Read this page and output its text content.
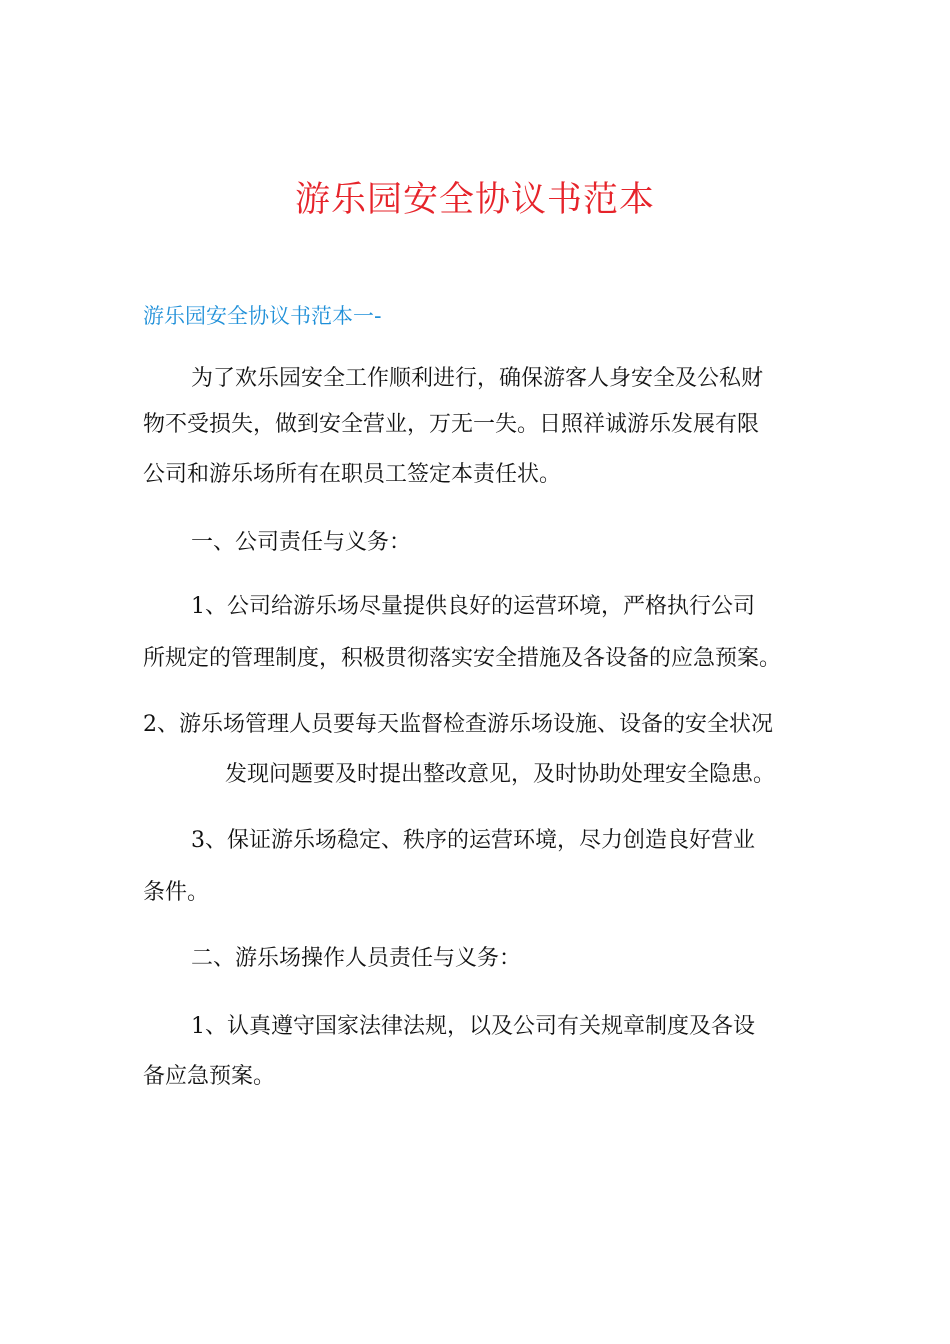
游乐园安全协议书范本
游乐园安全协议书范本一-

为了欢乐园安全工作顺利进行，确保游客人身安全及公私财

物不受损失，做到安全营业，万无一失。日照祥诚游乐发展有限

公司和游乐场所有在职员工签定本责任状。

一、公司责任与义务：

1、公司给游乐场尽量提供良好的运营环境，严格执行公司

所规定的管理制度，积极贯彻落实安全措施及各设备的应急预案。

2、游乐场管理人员要每天监督检查游乐场设施、设备的安全状况

发现问题要及时提出整改意见，及时协助处理安全隐患。

3、保证游乐场稳定、秩序的运营环境，尽力创造良好营业

条件。

二、游乐场操作人员责任与义务：

1、认真遵守国家法律法规，以及公司有关规章制度及各设

备应急预案。
